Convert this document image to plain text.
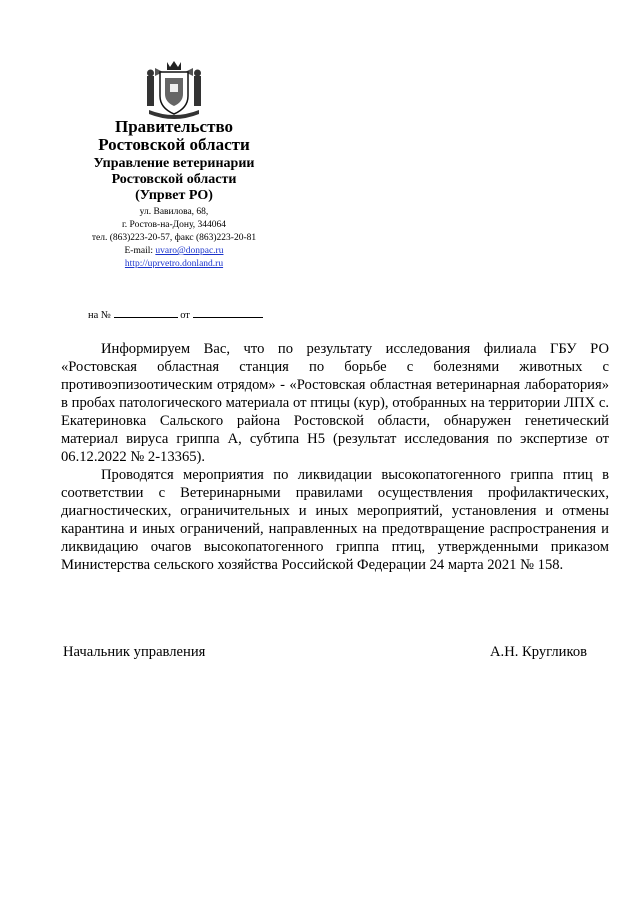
Правительство
Ростовской области
Управление ветеринарии
Ростовской области
(Упрвет РО)
ул. Вавилова, 68,
г. Ростов-на-Дону, 344064
тел. (863)223-20-57, факс (863)223-20-81
E-mail: uvaro@donpac.ru
http://uprvetro.donland.ru
на №	от

Информируем Вас, что по результату исследования филиала ГБУ РО «Ростовская областная станция по борьбе с болезнями животных с противоэпизоотическим отрядом» - «Ростовская областная ветеринарная лаборатория» в пробах патологического материала от птицы (кур), отобранных на территории ЛПХ с. Екатериновка Сальского района Ростовской области, обнаружен генетический материал вируса гриппа А, субтипа Н5 (результат исследования по экспертизе от 06.12.2022 № 2-13365).

Проводятся мероприятия по ликвидации высокопатогенного гриппа птиц в соответствии с Ветеринарными правилами осуществления профилактических, диагностических, ограничительных и иных мероприятий, установления и отмены карантина и иных ограничений, направленных на предотвращение распространения и ликвидацию очагов высокопатогенного гриппа птиц, утвержденными приказом Министерства сельского хозяйства Российской Федерации 24 марта 2021 № 158.

Начальник управления	А.Н. Кругликов
